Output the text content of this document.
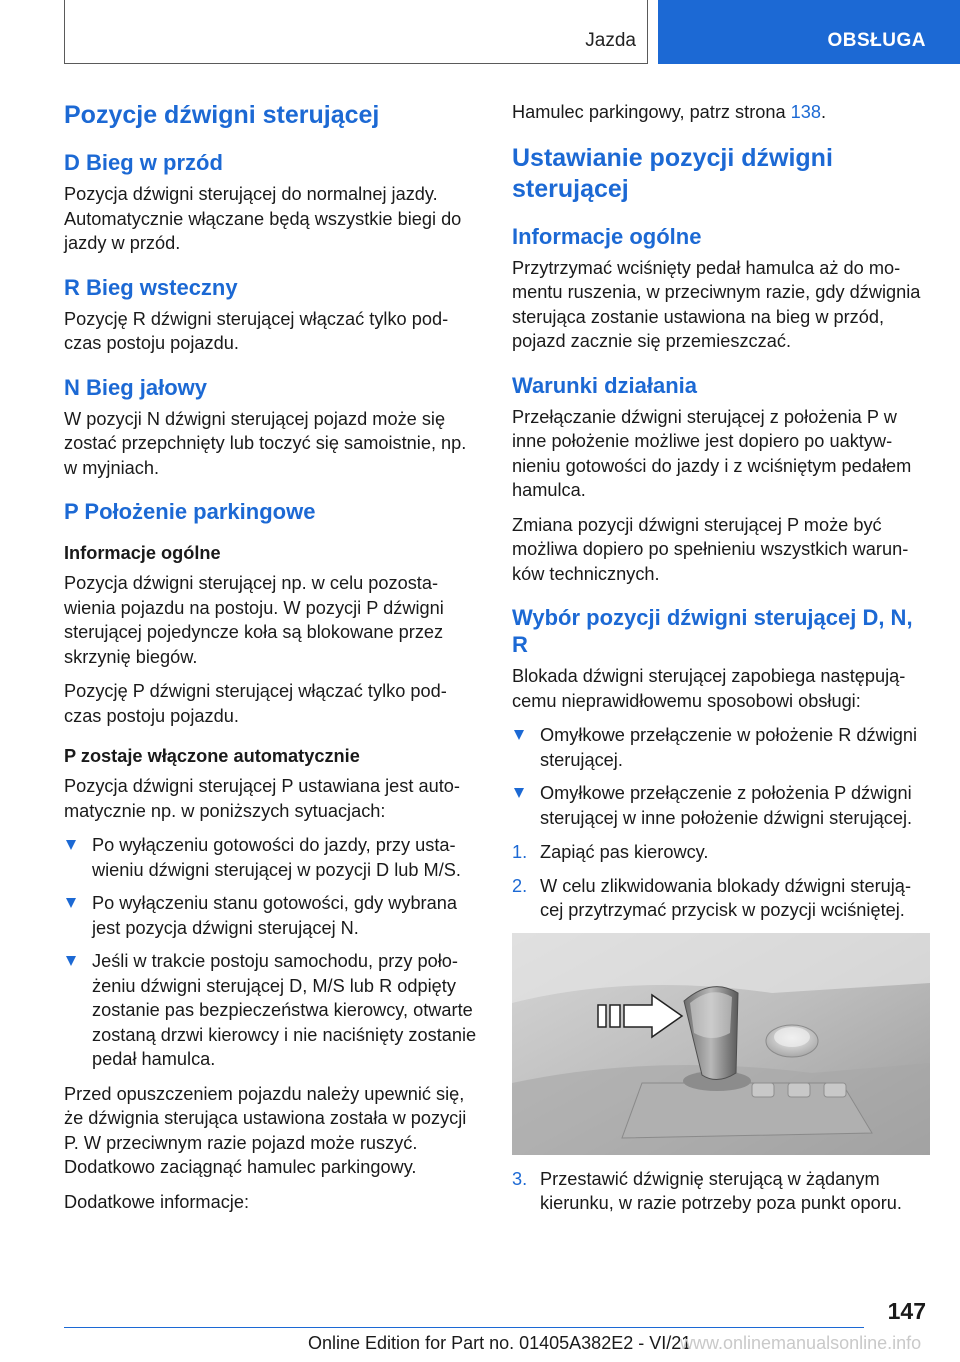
Jazda	OBSŁUGA
Pozycje dźwigni sterującej
D Bieg w przód

Pozycja dźwigni sterującej do normalnej jazdy. Automatycznie włączane będą wszystkie biegi do jazdy w przód.

R Bieg wsteczny

Pozycję R dźwigni sterującej włączać tylko podczas postoju pojazdu.

N Bieg jałowy

W pozycji N dźwigni sterującej pojazd może się zostać przepchnięty lub toczyć się samoistnie, np. w myjniach.

P Położenie parkingowe
Informacje ogólne

Pozycja dźwigni sterującej np. w celu pozostawienia pojazdu na postoju. W pozycji P dźwigni sterującej pojedyncze koła są blokowane przez skrzynię biegów.

Pozycję P dźwigni sterującej włączać tylko podczas postoju pojazdu.

P zostaje włączone automatycznie

Pozycja dźwigni sterującej P ustawiana jest automatycznie np. w poniższych sytuacjach:

Po wyłączeniu gotowości do jazdy, przy ustawieniu dźwigni sterującej w pozycji D lub M/S.
Po wyłączeniu stanu gotowości, gdy wybrana jest pozycja dźwigni sterującej N.
Jeśli w trakcie postoju samochodu, przy położeniu dźwigni sterującej D, M/S lub R odpięty zostanie pas bezpieczeństwa kierowcy, otwarte zostaną drzwi kierowcy i nie naciśnięty zostanie pedał hamulca.

Przed opuszczeniem pojazdu należy upewnić się, że dźwignia sterująca ustawiona została w pozycji P. W przeciwnym razie pojazd może ruszyć. Dodatkowo zaciągnąć hamulec parkingowy.

Dodatkowe informacje:

Hamulec parkingowy, patrz strona 138.

Ustawianie pozycji dźwigni sterującej
Informacje ogólne

Przytrzymać wciśnięty pedał hamulca aż do momentu ruszenia, w przeciwnym razie, gdy dźwignia sterująca zostanie ustawiona na bieg w przód, pojazd zacznie się przemieszczać.

Warunki działania

Przełączanie dźwigni sterującej z położenia P w inne położenie możliwe jest dopiero po uaktywnieniu gotowości do jazdy i z wciśniętym pedałem hamulca.

Zmiana pozycji dźwigni sterującej P może być możliwa dopiero po spełnieniu wszystkich warunków technicznych.

Wybór pozycji dźwigni sterującej D, N, R

Blokada dźwigni sterującej zapobiega następującemu nieprawidłowemu sposobowi obsługi:

Omyłkowe przełączenie w położenie R dźwigni sterującej.
Omyłkowe przełączenie z położenia P dźwigni sterującej w inne położenie dźwigni sterującej.
1. Zapiąć pas kierowcy.
2. W celu zlikwidowania blokady dźwigni sterującej przytrzymać przycisk w pozycji wciśniętej.
3. Przestawić dźwignię sterującą w żądanym kierunku, w razie potrzeby poza punkt oporu.
147
Online Edition for Part no. 01405A382E2 - VI/21
www.onlinemanualsonline.info
